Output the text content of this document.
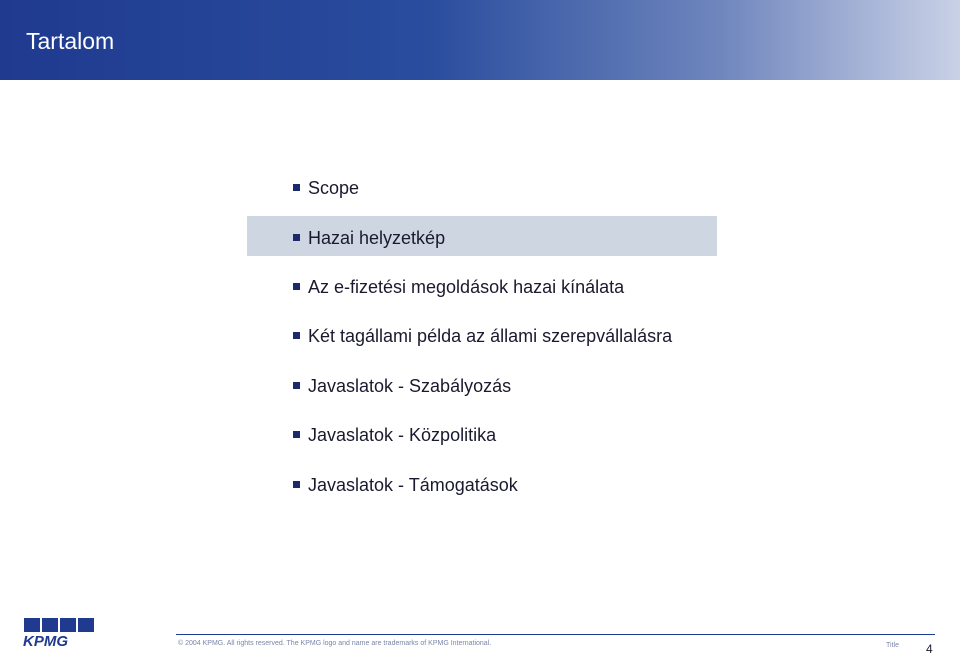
Tartalom
Scope
Hazai helyzetkép
Az e-fizetési megoldások hazai kínálata
Két tagállami példa az állami szerepvállalásra
Javaslatok - Szabályozás
Javaslatok - Közpolitika
Javaslatok - Támogatások
KPMG	© 2004 KPMG. All rights reserved. The KPMG logo and name are trademarks of KPMG International.	Title 4
